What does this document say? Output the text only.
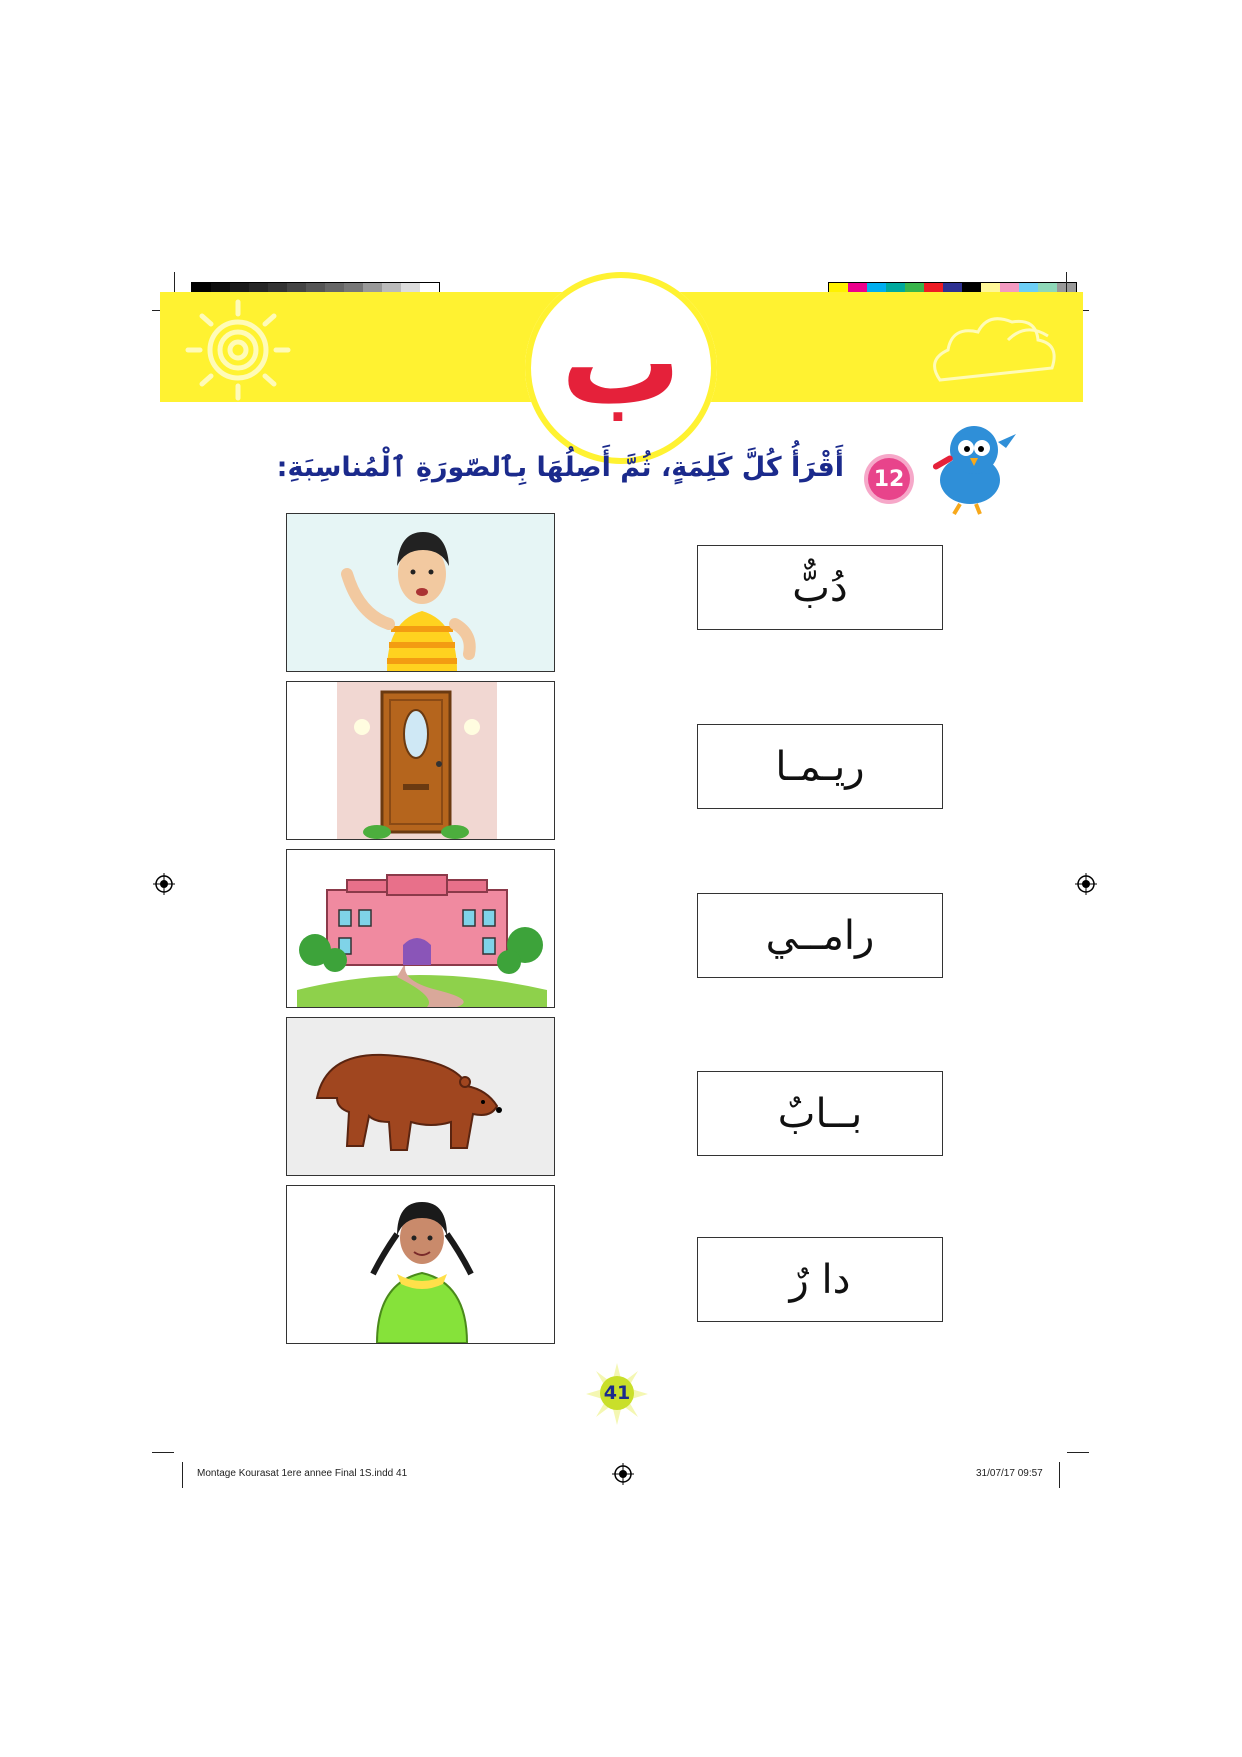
ب
12
أَقْرَأُ كُلَّ كَلِمَةٍ، ثُمَّ أَصِلُهَا بِٱلصّورَةِ ٱلْمُناسِبَةِ:
دُبٌّ
ريـمـا
رامــي
بــابٌ
دا رٌ
41
Montage Kourasat 1ere annee Final 1S.indd 41	31/07/17 09:57
